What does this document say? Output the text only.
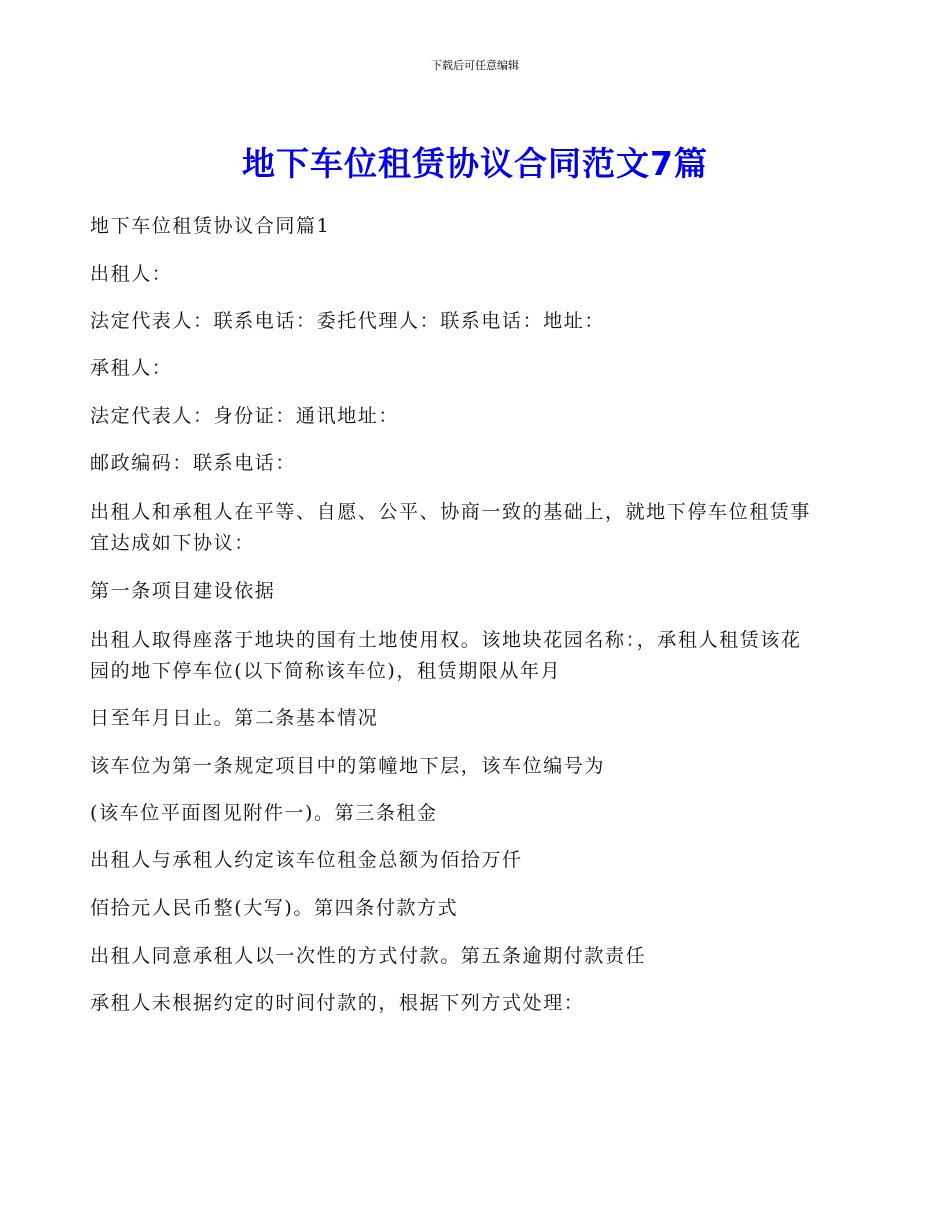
下载后可任意编辑
地下车位租赁协议合同范文7篇

地下车位租赁协议合同篇1

出租人：

法定代表人：联系电话：委托代理人：联系电话：地址：

承租人：

法定代表人：身份证：通讯地址：

邮政编码：联系电话：

出租人和承租人在平等、自愿、公平、协商一致的基础上，就地下停车位租赁事

宜达成如下协议：

第一条项目建设依据

出租人取得座落于地块的国有土地使用权。该地块花园名称：，承租人租赁该花

园的地下停车位(以下简称该车位)，租赁期限从年月

日至年月日止。第二条基本情况

该车位为第一条规定项目中的第幢地下层，该车位编号为

(该车位平面图见附件一)。第三条租金

出租人与承租人约定该车位租金总额为佰拾万仟

佰拾元人民币整(大写)。第四条付款方式

出租人同意承租人以一次性的方式付款。第五条逾期付款责任

承租人未根据约定的时间付款的，根据下列方式处理：
